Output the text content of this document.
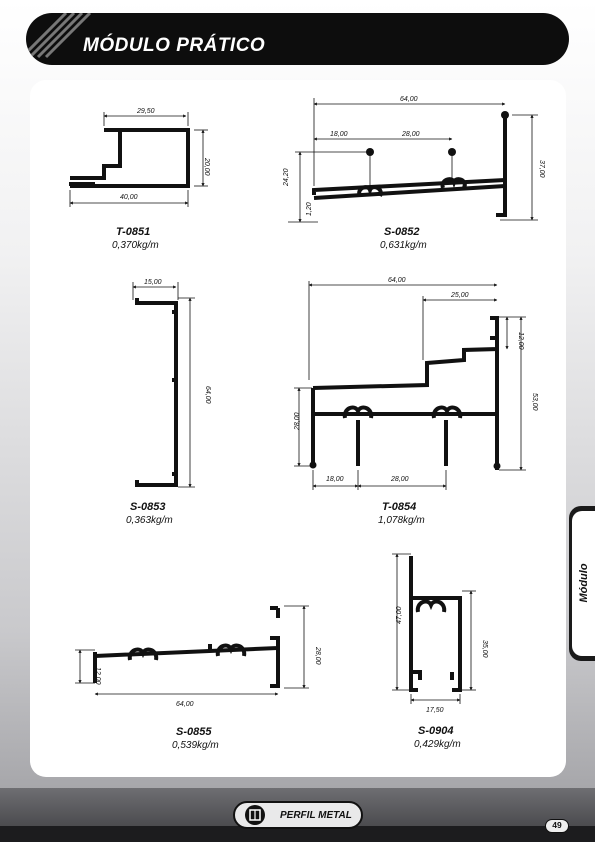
MÓDULO PRÁTICO
Módulo
29,50
20,00
40,00
T-0851
0,370kg/m
64,00
18,00	28,00
24,20	37,00
1,20
S-0852
0,631kg/m
15,00
64,00
S-0853
0,363kg/m
64,00
25,00
12,00
53,00
28,00
18,00	28,00
T-0854
1,078kg/m
12,00
28,00
64,00
S-0855
0,539kg/m
47,00
35,00
17,50
S-0904
0,429kg/m
PERFIL METAL
49
